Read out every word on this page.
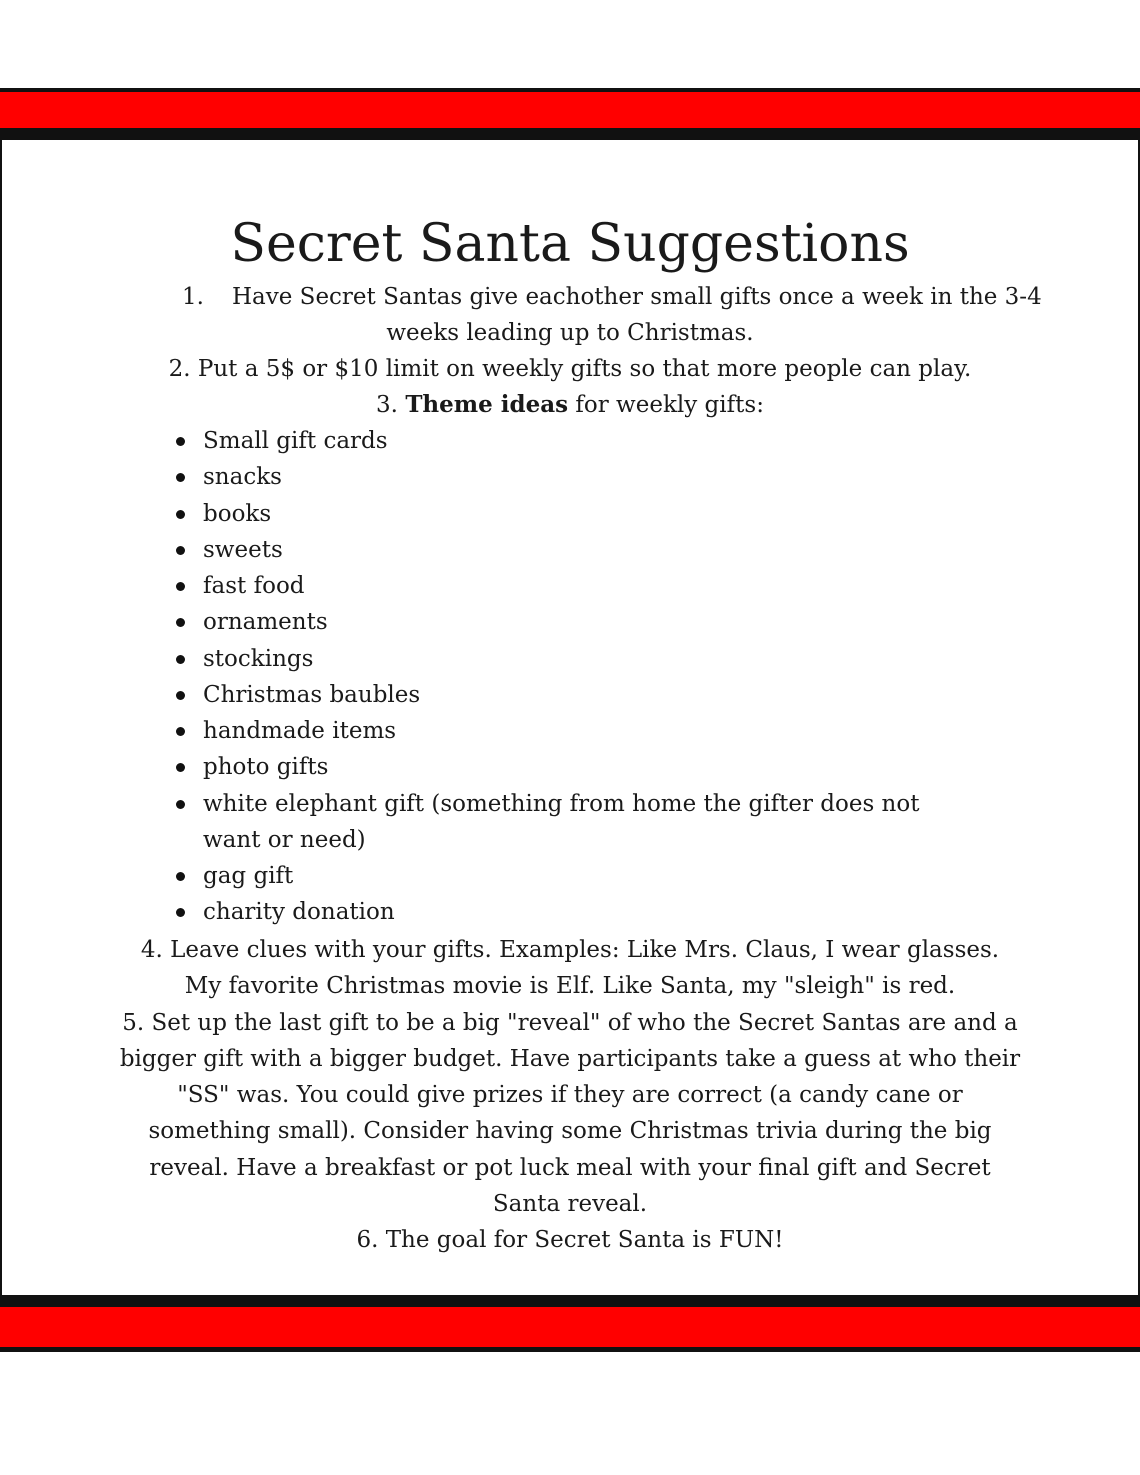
Secret Santa Suggestions
1. Have Secret Santas give eachother small gifts once a week in the 3-4
weeks leading up to Christmas.
2. Put a 5$ or $10 limit on weekly gifts so that more people can play.
3. Theme ideas for weekly gifts:
Small gift cards
snacks
books
sweets
fast food
ornaments
stockings
Christmas baubles
handmade items
photo gifts
white elephant gift (something from home the gifter does not want or need)
gag gift
charity donation
4. Leave clues with your gifts. Examples: Like Mrs. Claus, I wear glasses.
My favorite Christmas movie is Elf. Like Santa, my "sleigh" is red.
5. Set up the last gift to be a big "reveal" of who the Secret Santas are and a
bigger gift with a bigger budget. Have participants take a guess at who their
"SS" was. You could give prizes if they are correct (a candy cane or
something small). Consider having some Christmas trivia during the big
reveal. Have a breakfast or pot luck meal with your final gift and Secret
Santa reveal.
6. The goal for Secret Santa is FUN!
